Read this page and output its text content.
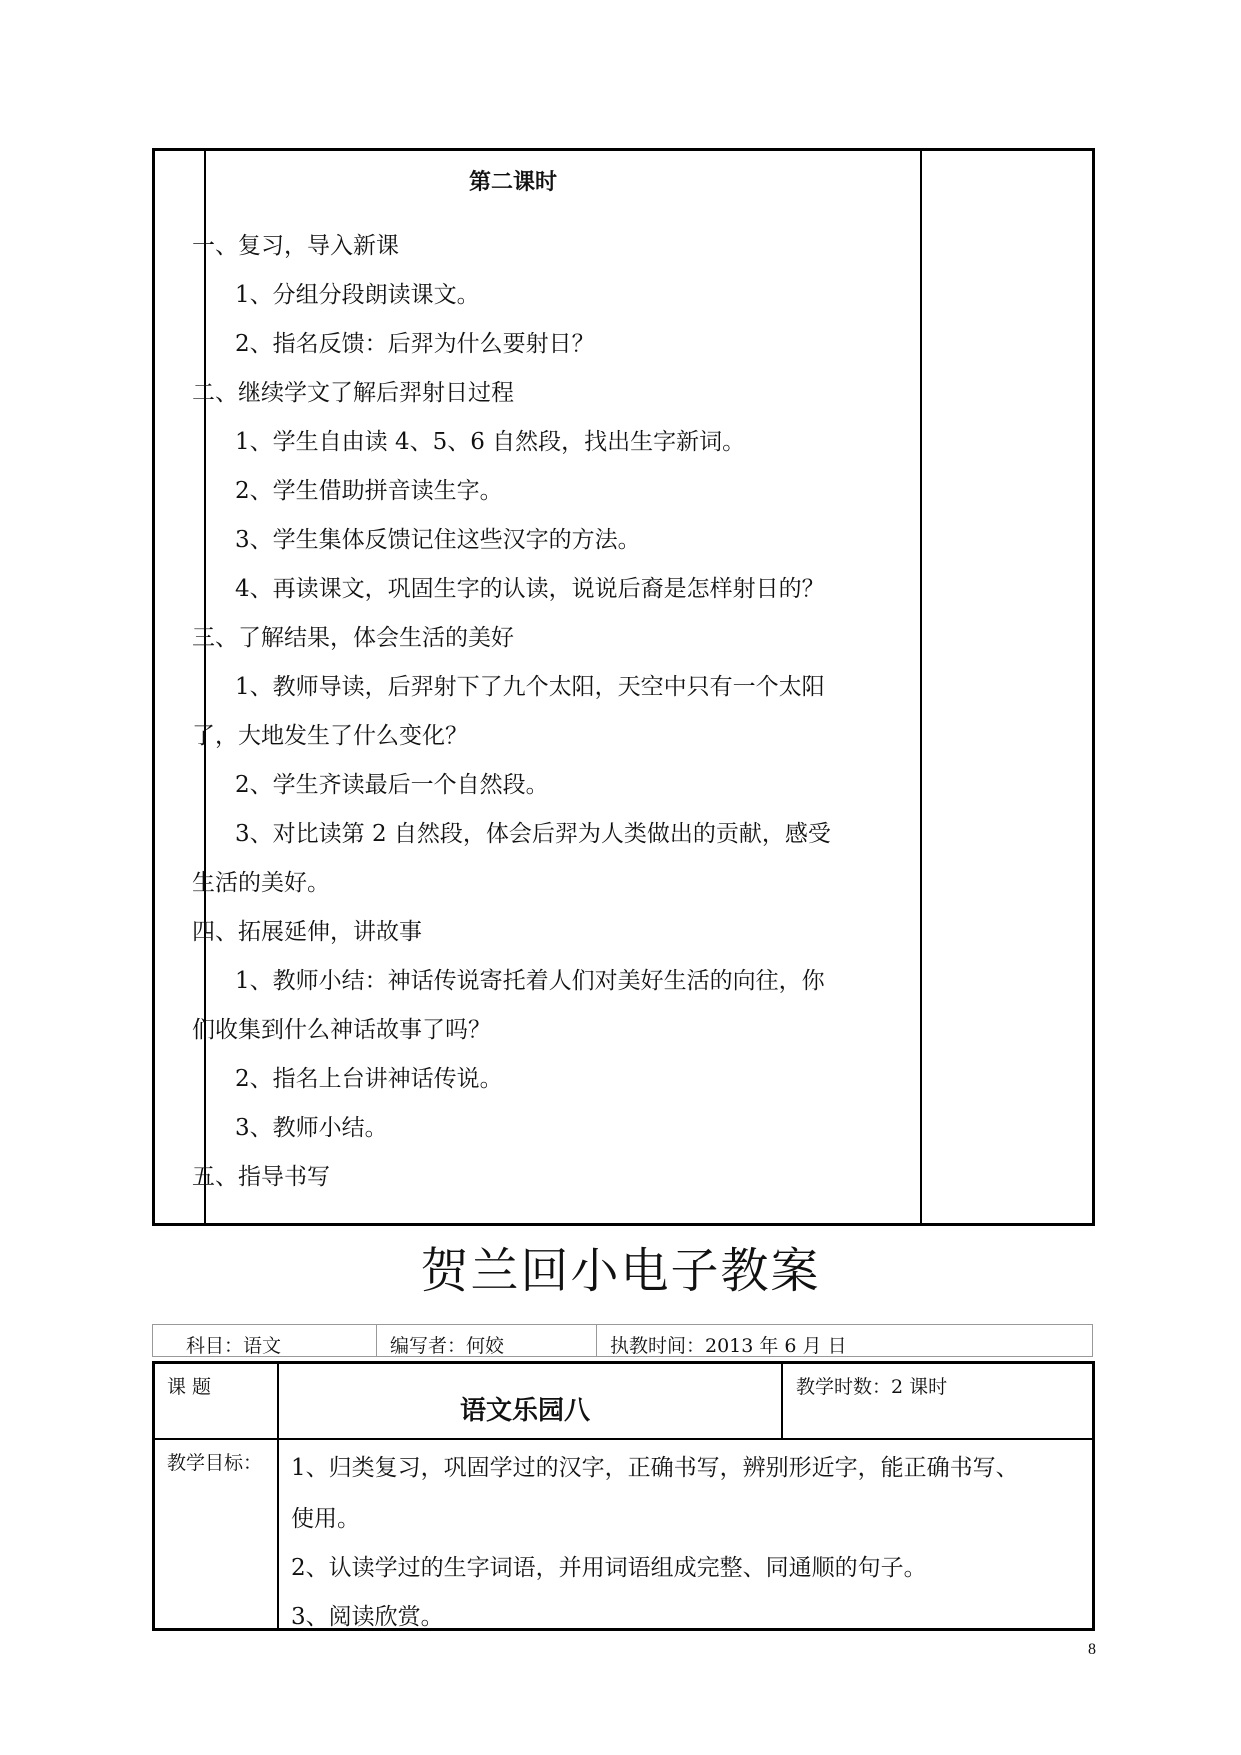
第二课时
一、复习，导入新课
1、分组分段朗读课文。
2、指名反馈：后羿为什么要射日？
二、继续学文了解后羿射日过程
1、学生自由读 4、5、6 自然段，找出生字新词。
2、学生借助拼音读生字。
3、学生集体反馈记住这些汉字的方法。
4、再读课文，巩固生字的认读，说说后裔是怎样射日的？
三、了解结果，体会生活的美好
1、教师导读，后羿射下了九个太阳，天空中只有一个太阳
了，大地发生了什么变化？
2、学生齐读最后一个自然段。
3、对比读第 2 自然段，体会后羿为人类做出的贡献，感受
生活的美好。
四、拓展延伸，讲故事
1、教师小结：神话传说寄托着人们对美好生活的向往，你
们收集到什么神话故事了吗？
2、指名上台讲神话传说。
3、教师小结。
五、指导书写
贺兰回小电子教案
科目：语文	编写者：何姣	执教时间：2013 年 6 月 日
课 题
语文乐园八
教学时数：2 课时
教学目标： 1、归类复习，巩固学过的汉字，正确书写，辨别形近字，能正确书写、
使用。
2、认读学过的生字词语，并用词语组成完整、同通顺的句子。
3、阅读欣赏。
8
